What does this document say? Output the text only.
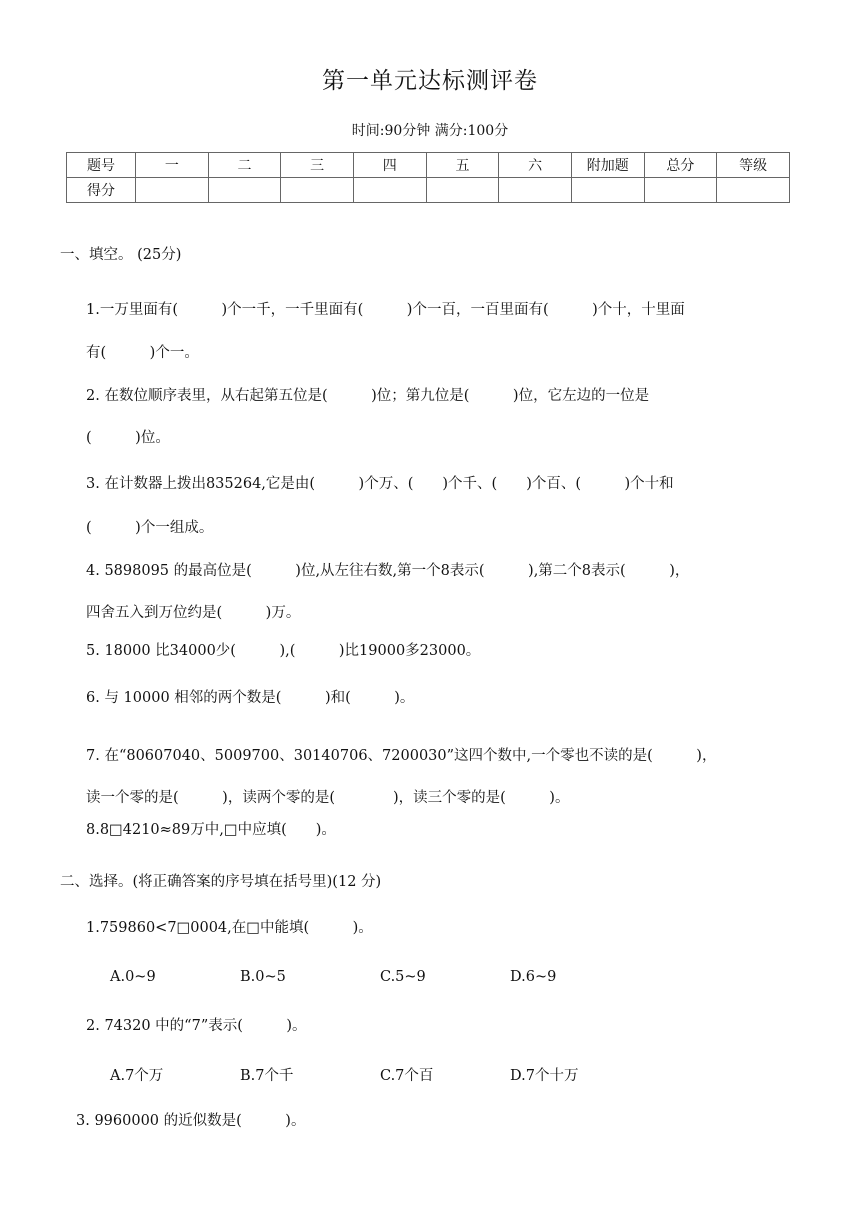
第一单元达标测评卷
时间:90分钟 满分:100分
题号	一	二	三	四	五	六	附加题	总分	等级
得分									
一、填空。 (25分)
1.一万里面有(　　　)个一千，一千里面有(　　　)个一百，一百里面有(　　　)个十，十里面
有(　　　)个一。
2. 在数位顺序表里，从右起第五位是(　　　)位；第九位是(　　　)位，它左边的一位是
(　　　)位。
3. 在计数器上拨出835264,它是由(　　　)个万、(　　)个千、(　　)个百、(　　　)个十和
(　　　)个一组成。
4. 5898095 的最高位是(　　　)位,从左往右数,第一个8表示(　　　),第二个8表示(　　　)，
四舍五入到万位约是(　　　)万。
5. 18000 比34000少(　　　),(　　　)比19000多23000。
6. 与 10000 相邻的两个数是(　　　)和(　　　)。
7. 在“80607040、5009700、30140706、7200030”这四个数中,一个零也不读的是(　　　)，
读一个零的是(　　　)，读两个零的是(　　　　)，读三个零的是(　　　)。
8.8□4210≈89万中,□中应填(　　)。
二、选择。(将正确答案的序号填在括号里)(12 分)
1.759860<7□0004,在□中能填(　　　)。
A.0~9	B.0~5	C.5~9	D.6~9
2. 74320 中的“7”表示(　　　)。
A.7个万	B.7个千	C.7个百	D.7个十万
3. 9960000 的近似数是(　　　)。
